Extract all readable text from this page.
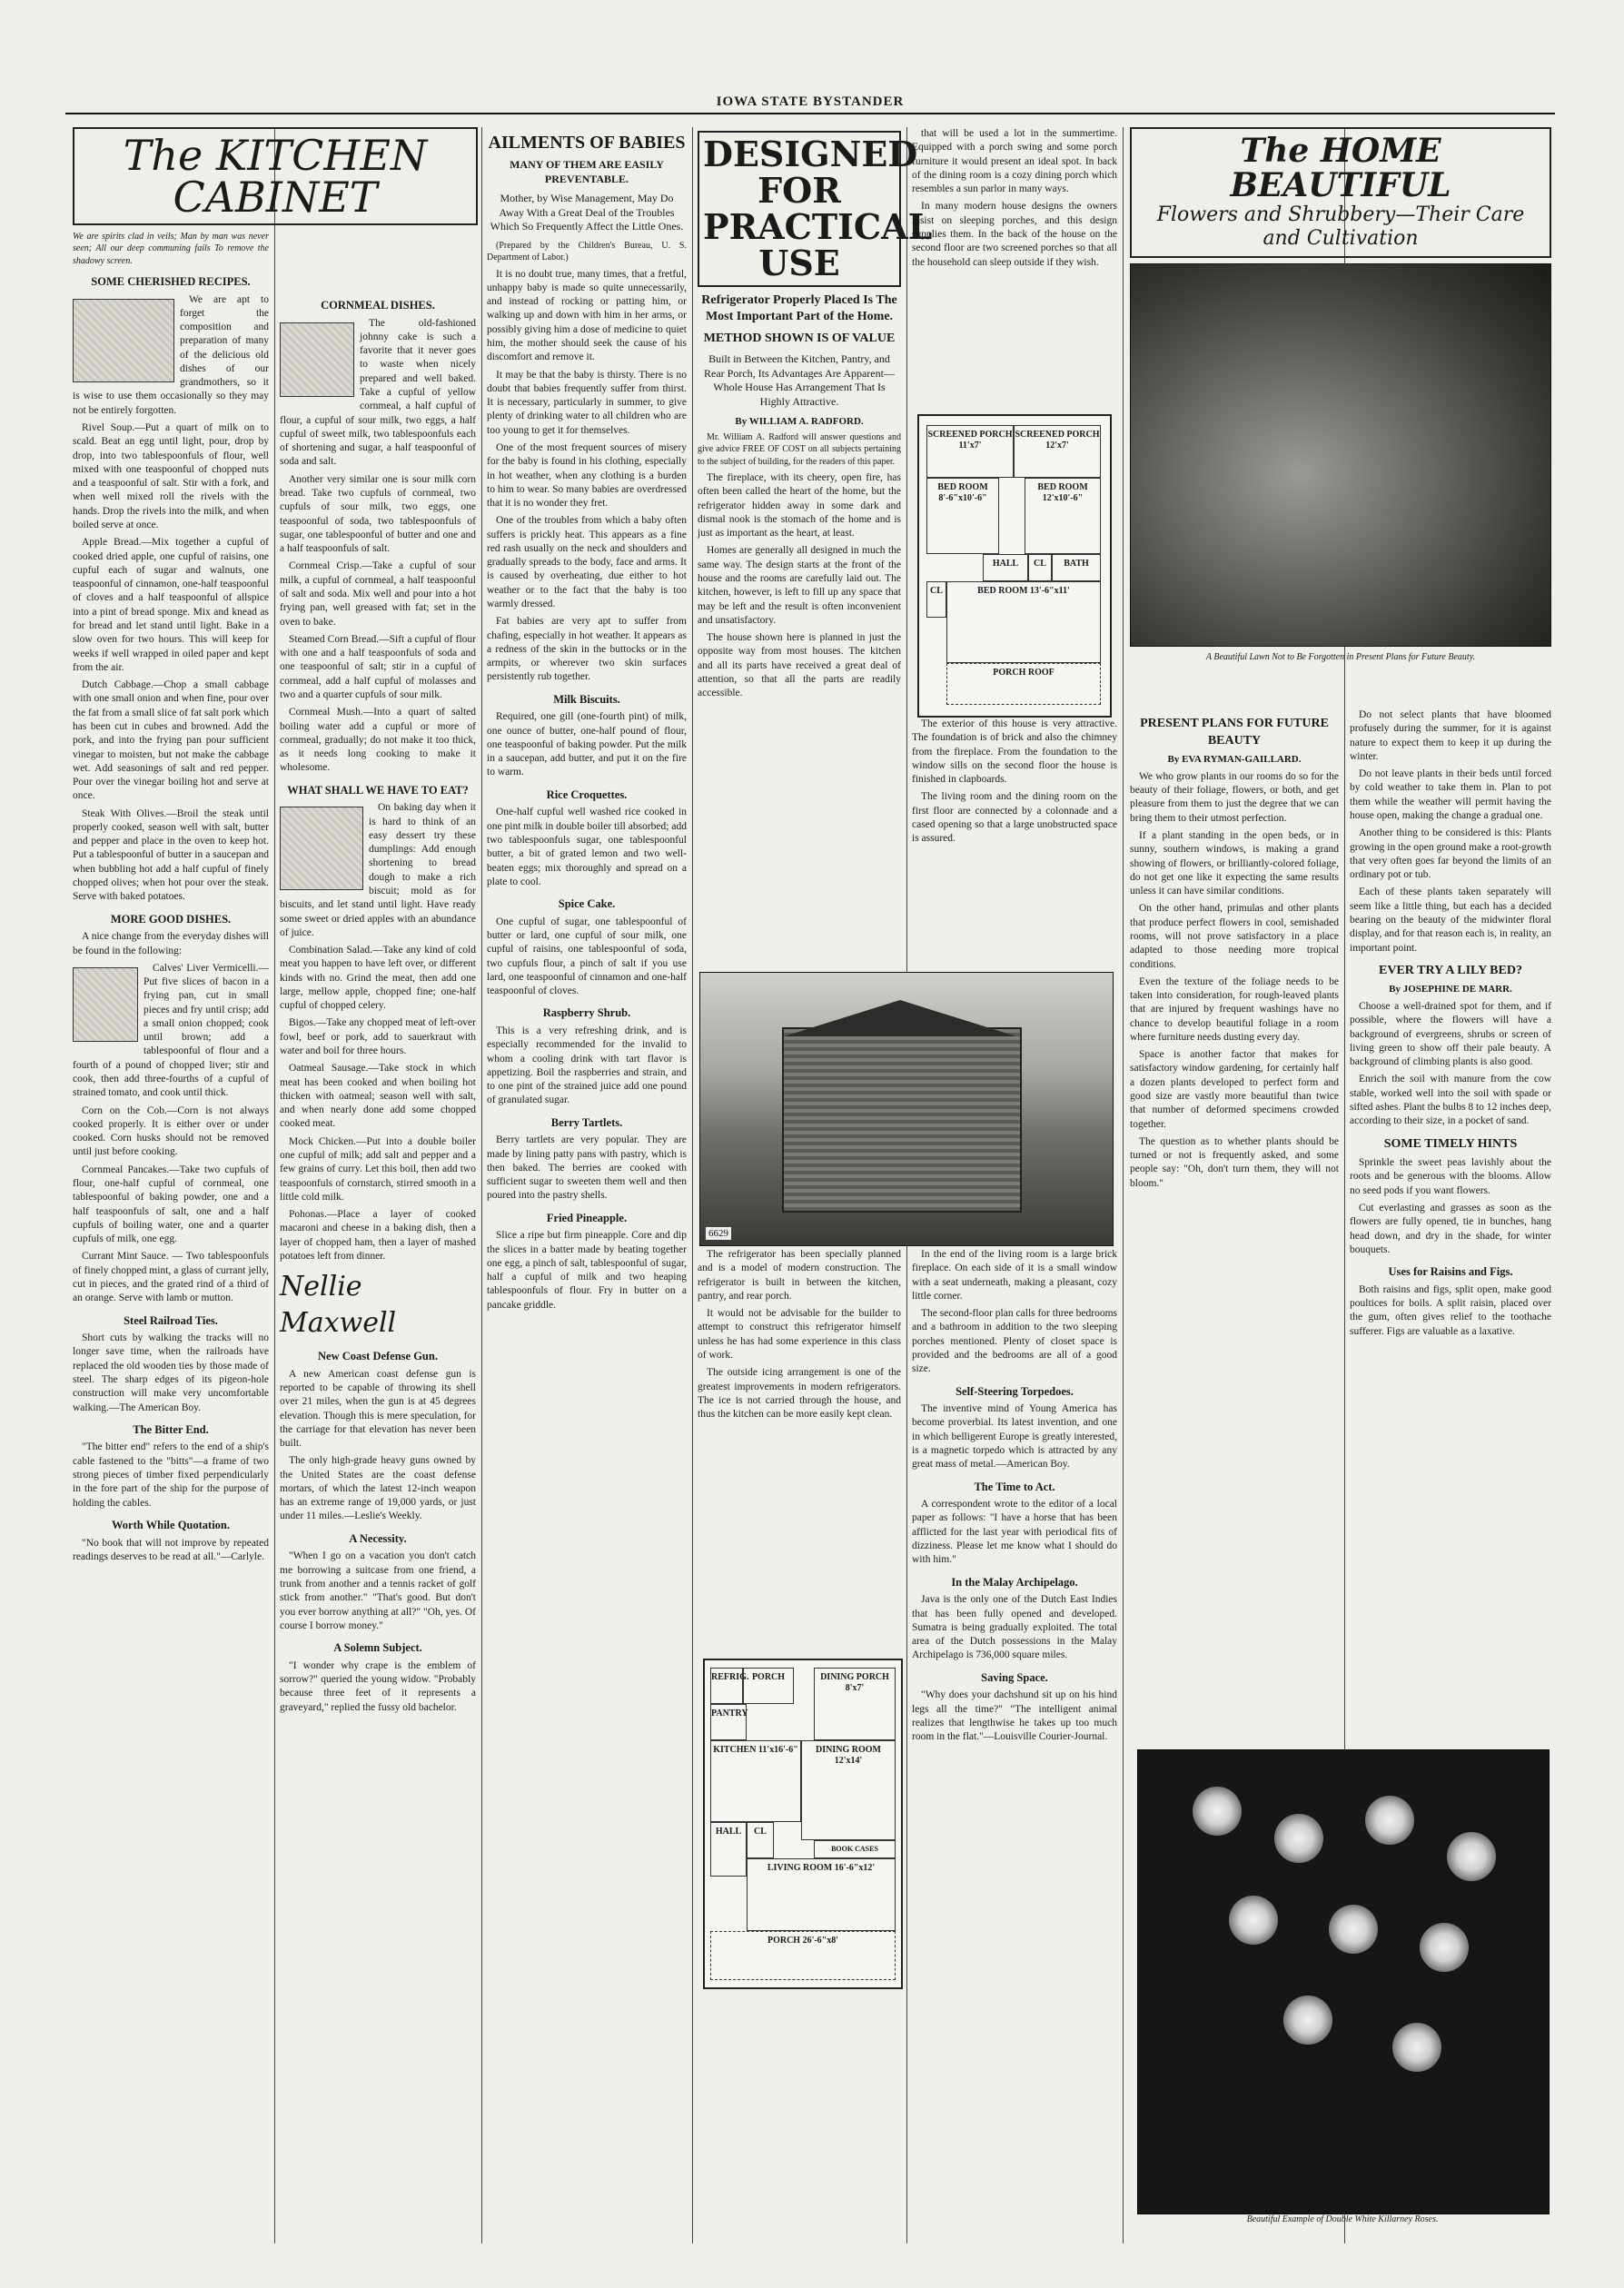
IOWA STATE BYSTANDER
The KITCHEN CABINET
We are spirits clad in veils; Man by man was never seen; All our deep communing fails To remove the shadowy screen.
SOME CHERISHED RECIPES.

We are apt to forget the composition and preparation of many of the delicious old dishes of our grandmothers, so it is wise to use them occasionally so they may not be entirely forgotten.

Rivel Soup.—Put a quart of milk on to scald. Beat an egg until light, pour, drop by drop, into two tablespoonfuls of flour, well mixed with one teaspoonful of chopped nuts and a teaspoonful of salt. Stir with a fork, and when well mixed roll the rivels with the hands. Drop the rivels into the milk, and when boiled serve at once.

Apple Bread.—Mix together a cupful of cooked dried apple, one cupful of raisins, one cupful each of sugar and walnuts, one teaspoonful of cinnamon, one-half teaspoonful of cloves and a half teaspoonful of allspice into a pint of bread sponge. Mix and knead as for bread and let stand until light. Bake in a slow oven for two hours. This will keep for weeks if well wrapped in oiled paper and kept from the air.

Dutch Cabbage.—Chop a small cabbage with one small onion and when fine, pour over the fat from a small slice of fat salt pork which has been cut in cubes and browned. Add the pork, and into the frying pan pour sufficient vinegar to moisten, but not make the cabbage wet. Add seasonings of salt and red pepper. Pour over the vinegar boiling hot and serve at once.

Steak With Olives.—Broil the steak until properly cooked, season well with salt, butter and pepper and place in the oven to keep hot. Put a tablespoonful of butter in a saucepan and when bubbling hot add a half cupful of finely chopped olives; when hot pour over the steak. Serve with baked potatoes.

MORE GOOD DISHES.

A nice change from the everyday dishes will be found in the following:

Calves' Liver Vermicelli.—Put five slices of bacon in a frying pan, cut in small pieces and fry until crisp; add a small onion chopped; cook until brown; add a tablespoonful of flour and a fourth of a pound of chopped liver; stir and cook, then add three-fourths of a cupful of strained tomato, and cook until thick.

Corn on the Cob.—Corn is not always cooked properly. It is either over or under cooked. Corn husks should not be removed until just before cooking.

Cornmeal Pancakes.—Take two cupfuls of flour, one-half cupful of cornmeal, one tablespoonful of baking powder, one and a half teaspoonfuls of salt, one and a half cupfuls of boiling water, one and a quarter cupfuls of milk, one egg.

Currant Mint Sauce. — Two tablespoonfuls of finely chopped mint, a glass of currant jelly, cut in pieces, and the grated rind of a third of an orange. Serve with lamb or mutton.

Steel Railroad Ties.

Short cuts by walking the tracks will no longer save time, when the railroads have replaced the old wooden ties by those made of steel. The sharp edges of its pigeon-hole construction will make very uncomfortable walking.—The American Boy.

The Bitter End.

"The bitter end" refers to the end of a ship's cable fastened to the "bitts"—a frame of two strong pieces of timber fixed perpendicularly in the fore part of the ship for the purpose of holding the cables.

Worth While Quotation.

"No book that will not improve by repeated readings deserves to be read at all."—Carlyle.

CORNMEAL DISHES.

The old-fashioned johnny cake is such a favorite that it never goes to waste when nicely prepared and well baked. Take a cupful of yellow cornmeal, a half cupful of flour, a cupful of sour milk, two eggs, a half cupful of sweet milk, two tablespoonfuls each of shortening and sugar, a half teaspoonful of soda and salt.

Another very similar one is sour milk corn bread. Take two cupfuls of cornmeal, two cupfuls of sour milk, two eggs, one teaspoonful of soda, two tablespoonfuls of sugar, one tablespoonful of butter and one and a half teaspoonfuls of salt.

Cornmeal Crisp.—Take a cupful of sour milk, a cupful of cornmeal, a half teaspoonful of salt and soda. Mix well and pour into a hot frying pan, well greased with fat; set in the oven to bake.

Steamed Corn Bread.—Sift a cupful of flour with one and a half teaspoonfuls of soda and one teaspoonful of salt; stir in a cupful of cornmeal, add a half cupful of molasses and two and a quarter cupfuls of sour milk.

Cornmeal Mush.—Into a quart of salted boiling water add a cupful or more of cornmeal, gradually; do not make it too thick, as it needs long cooking to make it wholesome.

WHAT SHALL WE HAVE TO EAT?

On baking day when it is hard to think of an easy dessert try these dumplings: Add enough shortening to bread dough to make a rich biscuit; mold as for biscuits, and let stand until light. Have ready some sweet or dried apples with an abundance of juice.

Combination Salad.—Take any kind of cold meat you happen to have left over, or different kinds with no. Grind the meat, then add one large, mellow apple, chopped fine; one-half cupful of chopped celery.

Bigos.—Take any chopped meat of left-over fowl, beef or pork, add to sauerkraut with water and boil for three hours.

Oatmeal Sausage.—Take stock in which meat has been cooked and when boiling hot thicken with oatmeal; season well with salt, and when nearly done add some chopped cooked meat.

Mock Chicken.—Put into a double boiler one cupful of milk; add salt and pepper and a few grains of curry. Let this boil, then add two teaspoonfuls of cornstarch, stirred smooth in a little cold milk.

Pohonas.—Place a layer of cooked macaroni and cheese in a baking dish, then a layer of chopped ham, then a layer of mashed potatoes left from dinner.

Nellie Maxwell
New Coast Defense Gun.

A new American coast defense gun is reported to be capable of throwing its shell over 21 miles, when the gun is at 45 degrees elevation. Though this is mere speculation, for the carriage for that elevation has never been built.

The only high-grade heavy guns owned by the United States are the coast defense mortars, of which the latest 12-inch weapon has an extreme range of 19,000 yards, or just under 11 miles.—Leslie's Weekly.

A Necessity.

"When I go on a vacation you don't catch me borrowing a suitcase from one friend, a trunk from another and a tennis racket of golf stick from another." "That's good. But don't you ever borrow anything at all?" "Oh, yes. Of course I borrow money."

A Solemn Subject.

"I wonder why crape is the emblem of sorrow?" queried the young widow. "Probably because three feet of it represents a graveyard," replied the fussy old bachelor.

AILMENTS OF BABIES
MANY OF THEM ARE EASILY PREVENTABLE.
Mother, by Wise Management, May Do Away With a Great Deal of the Troubles Which So Frequently Affect the Little Ones.

(Prepared by the Children's Bureau, U. S. Department of Labor.)

It is no doubt true, many times, that a fretful, unhappy baby is made so quite unnecessarily, and instead of rocking or patting him, or walking up and down with him in her arms, or possibly giving him a dose of medicine to quiet him, the mother should seek the cause of his discomfort and remove it.

It may be that the baby is thirsty. There is no doubt that babies frequently suffer from thirst. It is necessary, particularly in summer, to give plenty of drinking water to all children who are too young to get it for themselves.

One of the most frequent sources of misery for the baby is found in his clothing, especially in hot weather, when any clothing is a burden to him to wear. So many babies are overdressed that it is no wonder they fret.

One of the troubles from which a baby often suffers is prickly heat. This appears as a fine red rash usually on the neck and shoulders and gradually spreads to the body, face and arms. It is caused by overheating, due either to hot weather or to the fact that the baby is too warmly dressed.

Fat babies are very apt to suffer from chafing, especially in hot weather. It appears as a redness of the skin in the buttocks or in the armpits, or wherever two skin surfaces persistently rub together.

Milk Biscuits.

Required, one gill (one-fourth pint) of milk, one ounce of butter, one-half pound of flour, one teaspoonful of baking powder. Put the milk in a saucepan, add butter, and put it on the fire to warm.

Rice Croquettes.

One-half cupful well washed rice cooked in one pint milk in double boiler till absorbed; add two tablespoonfuls sugar, one tablespoonful butter, a bit of grated lemon and two well-beaten eggs; mix thoroughly and spread on a plate to cool.

Spice Cake.

One cupful of sugar, one tablespoonful of butter or lard, one cupful of sour milk, one cupful of raisins, one tablespoonful of soda, two cupfuls flour, a pinch of salt if you use lard, one teaspoonful of cinnamon and one-half teaspoonful of cloves.

Raspberry Shrub.

This is a very refreshing drink, and is especially recommended for the invalid to whom a cooling drink with tart flavor is appetizing. Boil the raspberries and strain, and to one pint of the strained juice add one pound of granulated sugar.

Berry Tartlets.

Berry tartlets are very popular. They are made by lining patty pans with pastry, which is then baked. The berries are cooked with sufficient sugar to sweeten them well and then poured into the pastry shells.

Fried Pineapple.

Slice a ripe but firm pineapple. Core and dip the slices in a batter made by beating together one egg, a pinch of salt, tablespoonful of sugar, half a cupful of milk and two heaping tablespoonfuls of flour. Fry in butter on a pancake griddle.

DESIGNED FOR PRACTICAL USE
Refrigerator Properly Placed Is The Most Important Part of the Home.
METHOD SHOWN IS OF VALUE
Built in Between the Kitchen, Pantry, and Rear Porch, Its Advantages Are Apparent—Whole House Has Arrangement That Is Highly Attractive.
By WILLIAM A. RADFORD.

Mr. William A. Radford will answer questions and give advice FREE OF COST on all subjects pertaining to the subject of building, for the readers of this paper.

The fireplace, with its cheery, open fire, has often been called the heart of the home, but the refrigerator hidden away in some dark and dismal nook is the stomach of the home and is just as important as the heart, at least.

Homes are generally all designed in much the same way. The design starts at the front of the house and the rooms are carefully laid out. The kitchen, however, is left to fill up any space that may be left and the result is often inconvenient and unsatisfactory.

The house shown here is planned in just the opposite way from most houses. The kitchen and all its parts have received a great deal of attention, so that all the parts are readily accessible.

that will be used a lot in the summertime. Equipped with a porch swing and some porch furniture it would present an ideal spot. In back of the dining room is a cozy dining porch which resembles a sun parlor in many ways.

In many modern house designs the owners insist on sleeping porches, and this design supplies them. In the back of the house on the second floor are two screened porches so that all the household can sleep outside if they wish.

SCREENED PORCH 11'x7'
SCREENED PORCH 12'x7'
BED ROOM 8'-6"x10'-6"
BED ROOM 12'x10'-6"
HALL	BATH
BED ROOM 13'-6"x11'
CL
CL
PORCH ROOF

The exterior of this house is very attractive. The foundation is of brick and also the chimney from the fireplace. From the foundation to the window sills on the second floor the house is finished in clapboards.

The living room and the dining room on the first floor are connected by a colonnade and a cased opening so that a large unobstructed space is assured.

6629

The refrigerator has been specially planned and is a model of modern construction. The refrigerator is built in between the kitchen, pantry, and rear porch.

It would not be advisable for the builder to attempt to construct this refrigerator himself unless he has had some experience in this class of work.

The outside icing arrangement is one of the greatest improvements in modern refrigerators. The ice is not carried through the house, and thus the kitchen can be more easily kept clean.

REFRIG. PORCH
PANTRY
DINING PORCH 8'x7'
KITCHEN 11'x16'-6"	DINING ROOM 12'x14'
HALL	CL
LIVING ROOM 16'-6"x12'
BOOK CASES
PORCH 26'-6"x8'

In the end of the living room is a large brick fireplace. On each side of it is a small window with a seat underneath, making a pleasant, cozy little corner.

The second-floor plan calls for three bedrooms and a bathroom in addition to the two sleeping porches mentioned. Plenty of closet space is provided and the bedrooms are all of a good size.

Self-Steering Torpedoes.

The inventive mind of Young America has become proverbial. Its latest invention, and one in which belligerent Europe is greatly interested, is a magnetic torpedo which is attracted by any great mass of metal.—American Boy.

The Time to Act.

A correspondent wrote to the editor of a local paper as follows: "I have a horse that has been afflicted for the last year with periodical fits of dizziness. Please let me know what I should do with him."

In the Malay Archipelago.

Java is the only one of the Dutch East Indies that has been fully opened and developed. Sumatra is being gradually exploited. The total area of the Dutch possessions in the Malay Archipelago is 736,000 square miles.

Saving Space.

"Why does your dachshund sit up on his hind legs all the time?" "The intelligent animal realizes that lengthwise he takes up too much room in the flat."—Louisville Courier-Journal.

The HOME BEAUTIFUL
Flowers and Shrubbery—Their Care and Cultivation
A Beautiful Lawn Not to Be Forgotten in Present Plans for Future Beauty.
PRESENT PLANS FOR FUTURE BEAUTY
By EVA RYMAN-GAILLARD.

We who grow plants in our rooms do so for the beauty of their foliage, flowers, or both, and get pleasure from them to just the degree that we can bring them to their utmost perfection.

If a plant standing in the open beds, or in sunny, southern windows, is making a grand showing of flowers, or brilliantly-colored foliage, do not get one like it expecting the same results unless it can have similar conditions.

On the other hand, primulas and other plants that produce perfect flowers in cool, semishaded rooms, will not prove satisfactory in a place adapted to those needing more tropical conditions.

Even the texture of the foliage needs to be taken into consideration, for rough-leaved plants that are injured by frequent washings have no chance to develop beautiful foliage in a room where furniture needs dusting every day.

Space is another factor that makes for satisfactory window gardening, for certainly half a dozen plants developed to perfect form and good size are vastly more beautiful than twice that number of deformed specimens crowded together.

The question as to whether plants should be turned or not is frequently asked, and some people say: "Oh, don't turn them, they will not bloom."

Do not select plants that have bloomed profusely during the summer, for it is against nature to expect them to keep it up during the winter.

Do not leave plants in their beds until forced by cold weather to take them in. Plan to pot them while the weather will permit having the house open, making the change a gradual one.

Another thing to be considered is this: Plants growing in the open ground make a root-growth that very often goes far beyond the limits of an ordinary pot or tub.

Each of these plants taken separately will seem like a little thing, but each has a decided bearing on the beauty of the midwinter floral display, and for that reason each is, in reality, an important point.

EVER TRY A LILY BED?
By JOSEPHINE DE MARR.

Choose a well-drained spot for them, and if possible, where the flowers will have a background of evergreens, shrubs or screen of living green to show off their pale beauty. A background of climbing plants is also good.

Enrich the soil with manure from the cow stable, worked well into the soil with spade or sifted ashes. Plant the bulbs 8 to 12 inches deep, according to their size, in a pocket of sand.

SOME TIMELY HINTS

Sprinkle the sweet peas lavishly about the roots and be generous with the blooms. Allow no seed pods if you want flowers.

Cut everlasting and grasses as soon as the flowers are fully opened, tie in bunches, hang head down, and dry in the shade, for winter bouquets.

Uses for Raisins and Figs.

Both raisins and figs, split open, make good poultices for boils. A split raisin, placed over the gum, often gives relief to the toothache sufferer. Figs are valuable as a laxative.

Beautiful Example of Double White Killarney Roses.
